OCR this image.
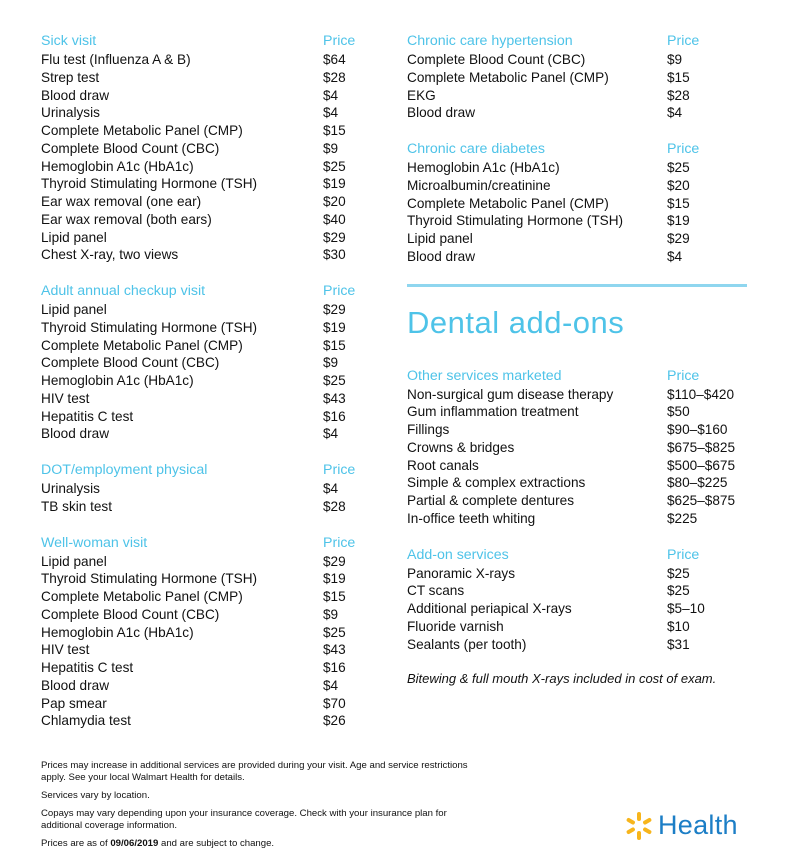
Sick visit	Price
Flu test (Influenza A & B)	$64
Strep test	$28
Blood draw	$4
Urinalysis	$4
Complete Metabolic Panel (CMP)	$15
Complete Blood Count (CBC)	$9
Hemoglobin A1c (HbA1c)	$25
Thyroid Stimulating Hormone (TSH)	$19
Ear wax removal (one ear)	$20
Ear wax removal (both ears)	$40
Lipid panel	$29
Chest X-ray, two views	$30
Adult annual checkup visit	Price
Lipid panel	$29
Thyroid Stimulating Hormone (TSH)	$19
Complete Metabolic Panel (CMP)	$15
Complete Blood Count (CBC)	$9
Hemoglobin A1c (HbA1c)	$25
HIV test	$43
Hepatitis C test	$16
Blood draw	$4
DOT/employment physical	Price
Urinalysis	$4
TB skin test	$28
Well-woman visit	Price
Lipid panel	$29
Thyroid Stimulating Hormone (TSH)	$19
Complete Metabolic Panel (CMP)	$15
Complete Blood Count (CBC)	$9
Hemoglobin A1c (HbA1c)	$25
HIV test	$43
Hepatitis C test	$16
Blood draw	$4
Pap smear	$70
Chlamydia test	$26
Chronic care hypertension	Price
Complete Blood Count (CBC)	$9
Complete Metabolic Panel (CMP)	$15
EKG	$28
Blood draw	$4
Chronic care diabetes	Price
Hemoglobin A1c (HbA1c)	$25
Microalbumin/creatinine	$20
Complete Metabolic Panel (CMP)	$15
Thyroid Stimulating Hormone (TSH)	$19
Lipid panel	$29
Blood draw	$4
Dental add-ons
Other services marketed	Price
Non-surgical gum disease therapy	$110–$420
Gum inflammation treatment	$50
Fillings	$90–$160
Crowns & bridges	$675–$825
Root canals	$500–$675
Simple & complex extractions	$80–$225
Partial & complete dentures	$625–$875
In-office teeth whiting	$225
Add-on services	Price
Panoramic X-rays	$25
CT scans	$25
Additional periapical X-rays	$5–10
Fluoride varnish	$10
Sealants (per tooth)	$31
Bitewing & full mouth X-rays included in cost of exam.

Prices may increase in additional services are provided during your visit. Age and service restrictions apply. See your local Walmart Health for details.

Services vary by location.

Copays may vary depending upon your insurance coverage. Check with your insurance plan for additional coverage information.

Prices are as of 09/06/2019 and are subject to change.

Health
